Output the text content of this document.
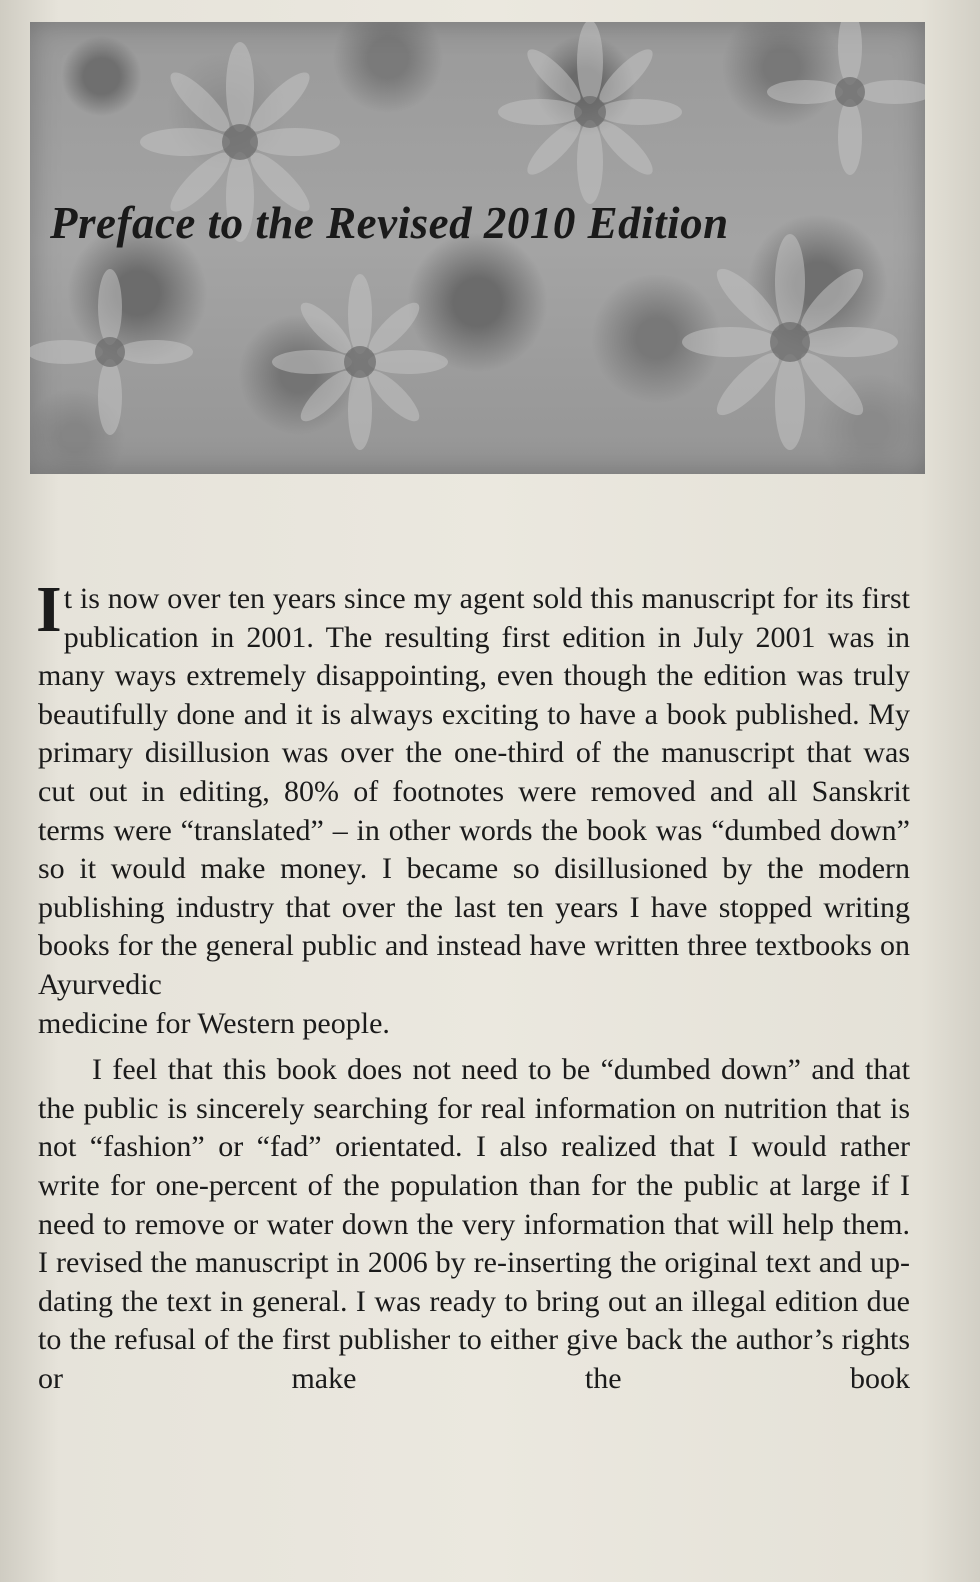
Preface to the Revised 2010 Edition

It is now over ten years since my agent sold this manuscript for its first publication in 2001. The resulting first edition in July 2001 was in many ways extremely disappointing, even though the edition was truly beautifully done and it is always exciting to have a book published. My primary disillusion was over the one-third of the manuscript that was cut out in editing, 80% of footnotes were removed and all Sanskrit terms were “translated” – in other words the book was “dumbed down” so it would make money. I became so disillusioned by the modern publishing industry that over the last ten years I have stopped writing books for the general public and instead have written three textbooks on Ayurvedic
medicine for Western people.

I feel that this book does not need to be “dumbed down” and that the public is sincerely searching for real information on nutrition that is not “fashion” or “fad” orientated. I also realized that I would rather write for one-percent of the population than for the public at large if I need to remove or water down the very information that will help them. I revised the manuscript in 2006 by re-inserting the original text and up-dating the text in general. I was ready to bring out an illegal edition due to the refusal of the first publisher to either give back the author’s rights or make the book
